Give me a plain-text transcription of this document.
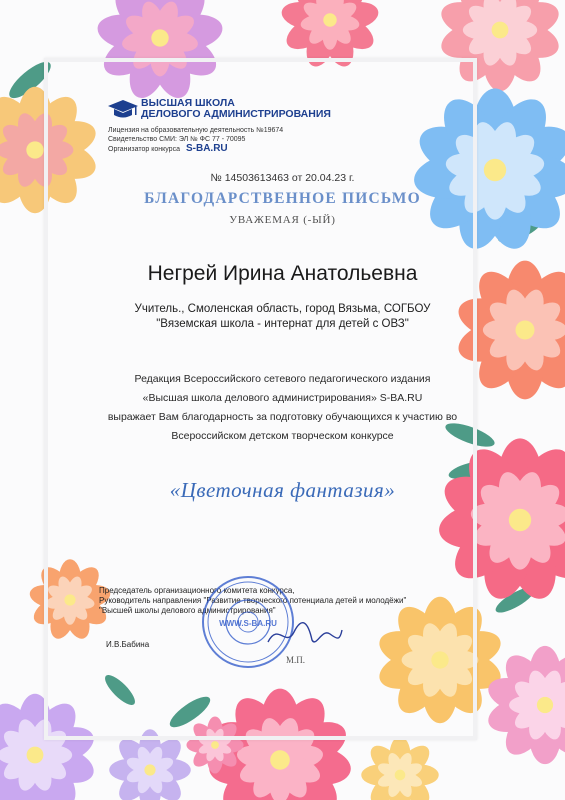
ВЫСШАЯ ШКОЛА
ДЕЛОВОГО АДМИНИСТРИРОВАНИЯ
Лицензия на образовательную деятельность №19674
Свидетельство СМИ: ЭЛ № ФС 77 - 70095
Организатор конкурса S-BA.RU
№ 14503613463 от 20.04.23 г.
БЛАГОДАРСТВЕННОЕ ПИСЬМО
УВАЖЕМАЯ (-ЫЙ)
Негрей Ирина Анатольевна
Учитель., Смоленская область, город Вязьма, СОГБОУ
"Вяземская школа - интернат для детей с ОВЗ"
Редакция Всероссийского сетевого педагогического издания
«Высшая школа делового администрирования» S-BA.RU
выражает Вам благодарность за подготовку обучающихся к участию во
Всероссийском детском творческом конкурсе
«Цветочная фантазия»
Председатель организационного комитета конкурса,
Руководитель направления "Развитие творческого потенциала детей и молодёжи"
"Высшей школы делового администрирования"
И.В.Бабина
М.П.
WWW.S-BA.RU
